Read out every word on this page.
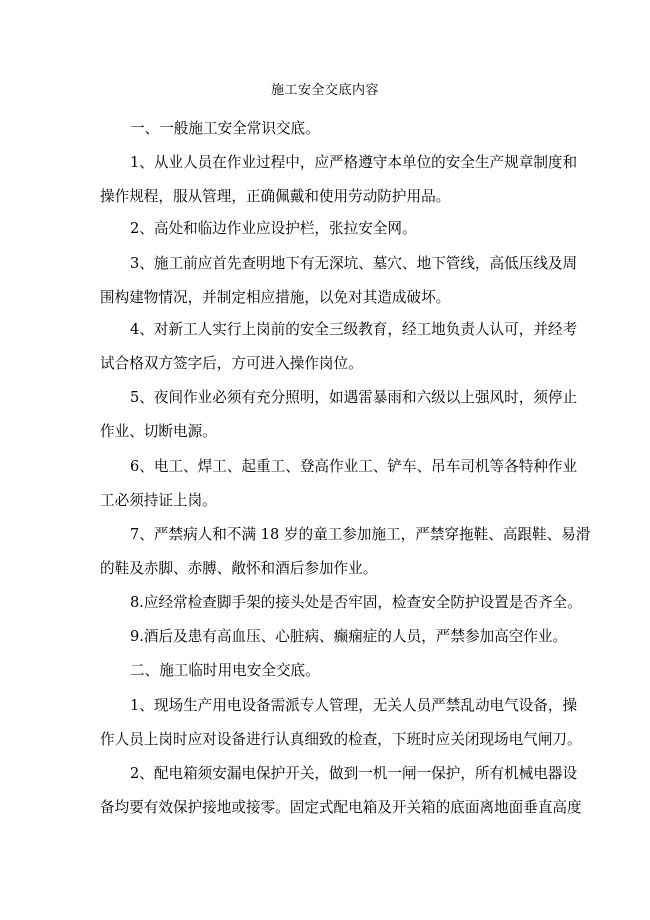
施工安全交底内容
一、一般施工安全常识交底。
1、从业人员在作业过程中，应严格遵守本单位的安全生产规章制度和
操作规程，服从管理，正确佩戴和使用劳动防护用品。
2、高处和临边作业应设护栏，张拉安全网。
3、施工前应首先查明地下有无深坑、墓穴、地下管线，高低压线及周
围构建物情况，并制定相应措施，以免对其造成破坏。
4、对新工人实行上岗前的安全三级教育，经工地负责人认可，并经考
试合格双方签字后，方可进入操作岗位。
5、夜间作业必须有充分照明，如遇雷暴雨和六级以上强风时，须停止
作业、切断电源。
6、电工、焊工、起重工、登高作业工、铲车、吊车司机等各特种作业
工必须持证上岗。
7、严禁病人和不满 18 岁的童工参加施工，严禁穿拖鞋、高跟鞋、易滑
的鞋及赤脚、赤膊、敞怀和酒后参加作业。
8.应经常检查脚手架的接头处是否牢固，检查安全防护设置是否齐全。
9.酒后及患有高血压、心脏病、癫痫症的人员，严禁参加高空作业。
二、施工临时用电安全交底。
1、现场生产用电设备需派专人管理，无关人员严禁乱动电气设备，操
作人员上岗时应对设备进行认真细致的检查，下班时应关闭现场电气闸刀。
2、配电箱须安漏电保护开关，做到一机一闸一保护，所有机械电器设
备均要有效保护接地或接零。固定式配电箱及开关箱的底面离地面垂直高度
